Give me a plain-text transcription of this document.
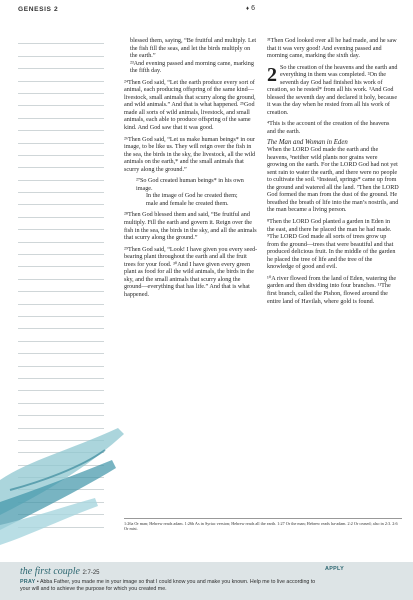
GENESIS 2	♦ 6

blessed them, saying, “Be fruitful and multiply. Let the fish fill the seas, and let the birds multiply on the earth.”

²³And evening passed and morning came, marking the fifth day.

²⁴Then God said, “Let the earth produce every sort of animal, each producing offspring of the same kind—livestock, small animals that scurry along the ground, and wild animals.” And that is what happened. ²⁵God made all sorts of wild animals, livestock, and small animals, each able to produce offspring of the same kind. And God saw that it was good.

²⁶Then God said, “Let us make human beings* in our image, to be like us. They will reign over the fish in the sea, the birds in the sky, the livestock, all the wild animals on the earth,* and the small animals that scurry along the ground.”

²⁷So God created human beings* in his own image.

In the image of God he created them;

male and female he created them.

²⁸Then God blessed them and said, “Be fruitful and multiply. Fill the earth and govern it. Reign over the fish in the sea, the birds in the sky, and all the animals that scurry along the ground.”

²⁹Then God said, “Look! I have given you every seed-bearing plant throughout the earth and all the fruit trees for your food. ³⁰And I have given every green plant as food for all the wild animals, the birds in the sky, and the small animals that scurry along the ground—everything that has life.” And that is what happened.

³¹Then God looked over all he had made, and he saw that it was very good! And evening passed and morning came, marking the sixth day.

2 So the creation of the heavens and the earth and everything in them was completed. ²On the seventh day God had finished his work of creation, so he rested* from all his work. ³And God blessed the seventh day and declared it holy, because it was the day when he rested from all his work of creation.

⁴This is the account of the creation of the heavens and the earth.

The Man and Woman in Eden

When the LORD God made the earth and the heavens, ⁵neither wild plants nor grains were growing on the earth. For the LORD God had not yet sent rain to water the earth, and there were no people to cultivate the soil. ⁶Instead, springs* came up from the ground and watered all the land. ⁷Then the LORD God formed the man from the dust of the ground. He breathed the breath of life into the man’s nostrils, and the man became a living person.

⁸Then the LORD God planted a garden in Eden in the east, and there he placed the man he had made. ⁹The LORD God made all sorts of trees grow up from the ground—trees that were beautiful and that produced delicious fruit. In the middle of the garden he placed the tree of life and the tree of the knowledge of good and evil.

¹⁰A river flowed from the land of Eden, watering the garden and then dividing into four branches. ¹¹The first branch, called the Pishon, flowed around the entire land of Havilah, where gold is found.

1:26a Or man; Hebrew reads adam. 1:26b As in Syriac version; Hebrew reads all the earth. 1:27 Or the man; Hebrew reads ha-adam. 2:2 Or ceased; also in 2:3. 2:6 Or mist.
the first couple 2:7-25

PRAY • Abba Father, you made me in your image so that I could know you and make you known. Help me to live according to your will and to achieve the purpose for which you created me.

APPLY
